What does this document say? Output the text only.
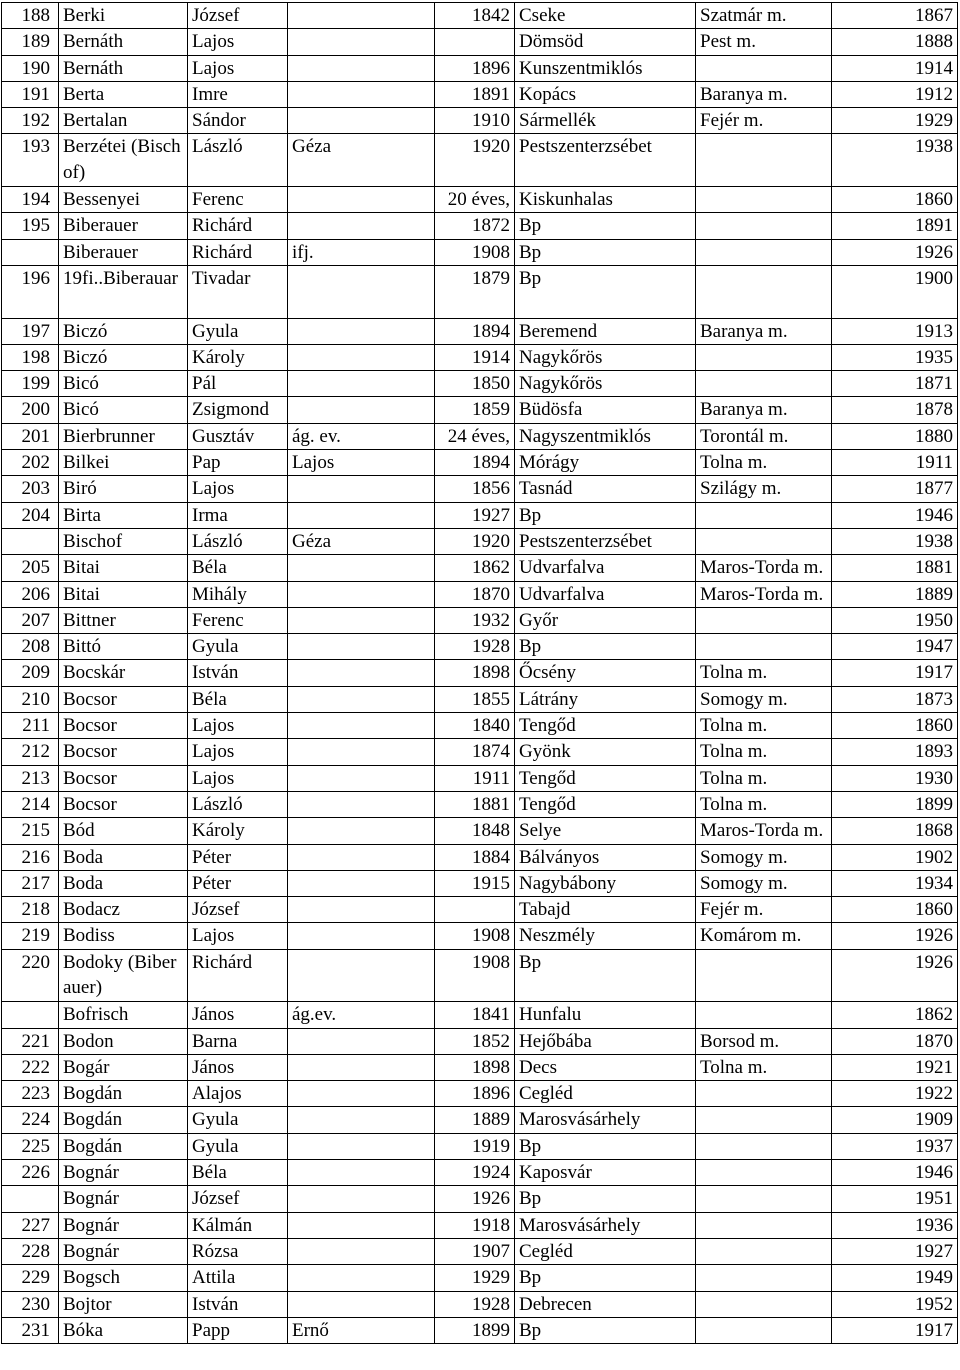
188	Berki	József		1842	Cseke	Szatmár m.	1867
189	Bernáth	Lajos			Dömsöd	Pest m.	1888
190	Bernáth	Lajos		1896	Kunszentmiklós		1914
191	Berta	Imre		1891	Kopács	Baranya m.	1912
192	Bertalan	Sándor		1910	Sármellék	Fejér m.	1929
193	Berzétei (Bischof)	László	Géza	1920	Pestszenterzsébet		1938
194	Bessenyei	Ferenc		20 éves,	Kiskunhalas		1860
195	Biberauer	Richárd		1872	Bp		1891
	Biberauer	Richárd	ifj.	1908	Bp		1926
196	19fi..Biberauar	Tivadar		1879	Bp		1900
197	Biczó	Gyula		1894	Beremend	Baranya m.	1913
198	Biczó	Károly		1914	Nagykőrös		1935
199	Bicó	Pál		1850	Nagykőrös		1871
200	Bicó	Zsigmond		1859	Büdösfa	Baranya m.	1878
201	Bierbrunner	Gusztáv	ág. ev.	24 éves,	Nagyszentmiklós	Torontál m.	1880
202	Bilkei	Pap	Lajos	1894	Mórágy	Tolna m.	1911
203	Biró	Lajos		1856	Tasnád	Szilágy m.	1877
204	Birta	Irma		1927	Bp		1946
	Bischof	László	Géza	1920	Pestszenterzsébet		1938
205	Bitai	Béla		1862	Udvarfalva	Maros-Torda m.	1881
206	Bitai	Mihály		1870	Udvarfalva	Maros-Torda m.	1889
207	Bittner	Ferenc		1932	Győr		1950
208	Bittó	Gyula		1928	Bp		1947
209	Bocskár	István		1898	Őcsény	Tolna m.	1917
210	Bocsor	Béla		1855	Látrány	Somogy m.	1873
211	Bocsor	Lajos		1840	Tengőd	Tolna m.	1860
212	Bocsor	Lajos		1874	Gyönk	Tolna m.	1893
213	Bocsor	Lajos		1911	Tengőd	Tolna m.	1930
214	Bocsor	László		1881	Tengőd	Tolna m.	1899
215	Bód	Károly		1848	Selye	Maros-Torda m.	1868
216	Boda	Péter		1884	Bálványos	Somogy m.	1902
217	Boda	Péter		1915	Nagybábony	Somogy m.	1934
218	Bodacz	József			Tabajd	Fejér m.	1860
219	Bodiss	Lajos		1908	Neszmély	Komárom m.	1926
220	Bodoky (Biberauer)	Richárd		1908	Bp		1926
	Bofrisch	János	ág.ev.	1841	Hunfalu		1862
221	Bodon	Barna		1852	Hejőbába	Borsod m.	1870
222	Bogár	János		1898	Decs	Tolna m.	1921
223	Bogdán	Alajos		1896	Cegléd		1922
224	Bogdán	Gyula		1889	Marosvásárhely		1909
225	Bogdán	Gyula		1919	Bp		1937
226	Bognár	Béla		1924	Kaposvár		1946
	Bognár	József		1926	Bp		1951
227	Bognár	Kálmán		1918	Marosvásárhely		1936
228	Bognár	Rózsa		1907	Cegléd		1927
229	Bogsch	Attila		1929	Bp		1949
230	Bojtor	István		1928	Debrecen		1952
231	Bóka	Papp	Ernő	1899	Bp		1917
